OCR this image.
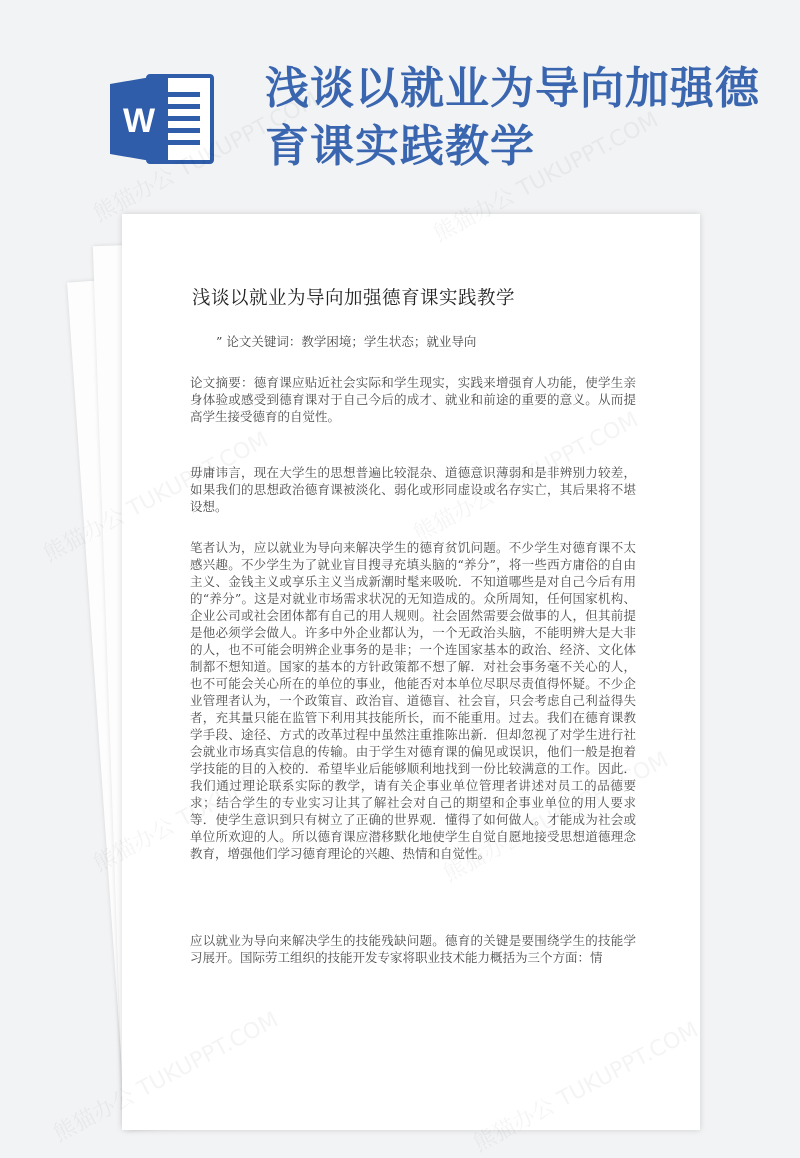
W
浅谈以就业为导向加强德育课实践教学
浅谈以就业为导向加强德育课实践教学
” 论文关键词：教学困境；学生状态；就业导向

论文摘要：德育课应贴近社会实际和学生现实，实践来增强育人功能，使学生亲身体验或感受到德育课对于自己今后的成才、就业和前途的重要的意义。从而提高学生接受德育的自觉性。

毋庸讳言，现在大学生的思想普遍比较混杂、道德意识薄弱和是非辨别力较差，如果我们的思想政治德育课被淡化、弱化或形同虚设或名存实亡，其后果将不堪设想。

笔者认为，应以就业为导向来解决学生的德育贫饥问题。不少学生对德育课不太感兴趣。不少学生为了就业盲目搜寻充填头脑的“养分”，将一些西方庸俗的自由主义、金钱主义或享乐主义当成新潮时髦来吸吮．不知道哪些是对自己今后有用的“养分”。这是对就业市场需求状况的无知造成的。众所周知，任何国家机构、企业公司或社会团体都有自己的用人规则。社会固然需要会做事的人，但其前提是他必须学会做人。许多中外企业都认为，一个无政治头脑，不能明辨大是大非的人，也不可能会明辨企业事务的是非；一个连国家基本的政治、经济、文化体制都不想知道。国家的基本的方针政策都不想了解．对社会事务毫不关心的人，也不可能会关心所在的单位的事业，他能否对本单位尽职尽责值得怀疑。不少企业管理者认为，一个政策盲、政治盲、道德盲、社会盲，只会考虑自己利益得失者，充其量只能在监管下利用其技能所长，而不能重用。过去。我们在德育课教学手段、途径、方式的改革过程中虽然注重推陈出新．但却忽视了对学生进行社会就业市场真实信息的传输。由于学生对德育课的偏见或误识，他们一般是抱着学技能的目的入校的．希望毕业后能够顺利地找到一份比较满意的工作。因此．我们通过理论联系实际的教学，请有关企事业单位管理者讲述对员工的品德要求；结合学生的专业实习让其了解社会对自己的期望和企事业单位的用人要求等．使学生意识到只有树立了正确的世界观．懂得了如何做人。才能成为社会或单位所欢迎的人。所以德育课应潜移默化地使学生自觉自愿地接受思想道德理念教育，增强他们学习德育理论的兴趣、热情和自觉性。

应以就业为导向来解决学生的技能残缺问题。德育的关键是要围绕学生的技能学习展开。国际劳工组织的技能开发专家将职业技术能力概括为三个方面：情
